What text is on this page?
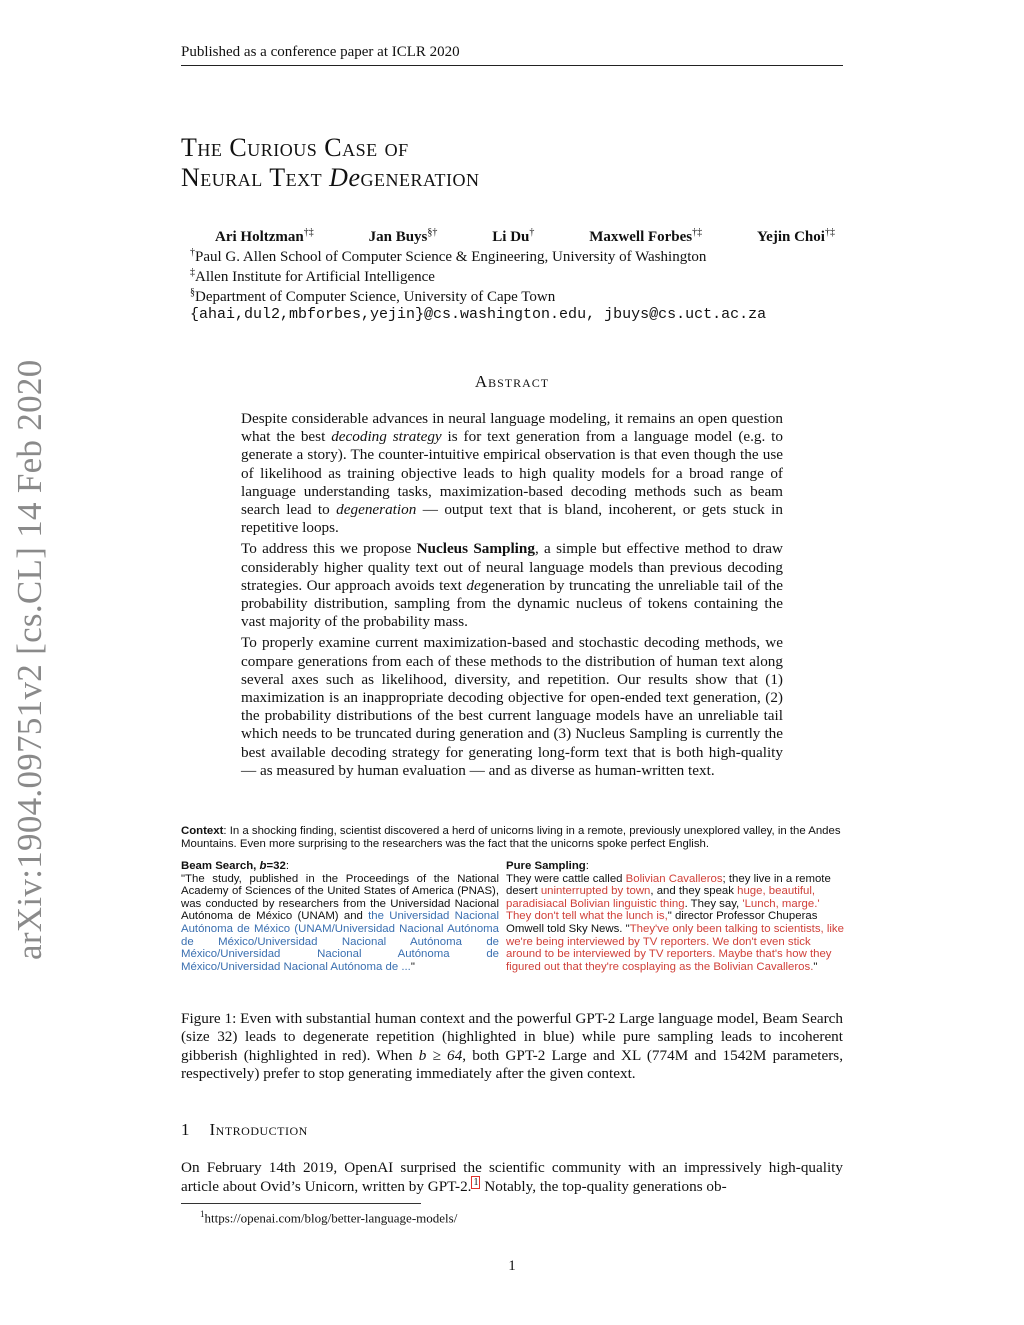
Published as a conference paper at ICLR 2020
arXiv:1904.09751v2 [cs.CL] 14 Feb 2020
The Curious Case of
Neural Text Degeneration
Ari Holtzman†‡	Jan Buys§†	Li Du†	Maxwell Forbes†‡	Yejin Choi†‡
†Paul G. Allen School of Computer Science & Engineering, University of Washington
‡Allen Institute for Artificial Intelligence
§Department of Computer Science, University of Cape Town
{ahai,dul2,mbforbes,yejin}@cs.washington.edu, jbuys@cs.uct.ac.za
Abstract

Despite considerable advances in neural language modeling, it remains an open question what the best decoding strategy is for text generation from a language model (e.g. to generate a story). The counter-intuitive empirical observation is that even though the use of likelihood as training objective leads to high quality models for a broad range of language understanding tasks, maximization-based decoding methods such as beam search lead to degeneration — output text that is bland, incoherent, or gets stuck in repetitive loops.

To address this we propose Nucleus Sampling, a simple but effective method to draw considerably higher quality text out of neural language models than previous decoding strategies. Our approach avoids text degeneration by truncating the unreliable tail of the probability distribution, sampling from the dynamic nucleus of tokens containing the vast majority of the probability mass.

To properly examine current maximization-based and stochastic decoding methods, we compare generations from each of these methods to the distribution of human text along several axes such as likelihood, diversity, and repetition. Our results show that (1) maximization is an inappropriate decoding objective for open-ended text generation, (2) the probability distributions of the best current language models have an unreliable tail which needs to be truncated during generation and (3) Nucleus Sampling is currently the best available decoding strategy for generating long-form text that is both high-quality — as measured by human evaluation — and as diverse as human-written text.

Context: In a shocking finding, scientist discovered a herd of unicorns living in a remote, previously unexplored valley, in the Andes Mountains. Even more surprising to the researchers was the fact that the unicorns spoke perfect English.
Beam Search, b=32:
"The study, published in the Proceedings of the National Academy of Sciences of the United States of America (PNAS), was conducted by researchers from the Universidad Nacional Autónoma de México (UNAM) and the Universidad Nacional Autónoma de México (UNAM/Universidad Nacional Autónoma de México/Universidad Nacional Autónoma de México/Universidad Nacional Autónoma de México/Universidad Nacional Autónoma de ..."
Pure Sampling:
They were cattle called Bolivian Cavalleros; they live in a remote desert uninterrupted by town, and they speak huge, beautiful, paradisiacal Bolivian linguistic thing. They say, 'Lunch, marge.' They don't tell what the lunch is," director Professor Chuperas Omwell told Sky News. "They've only been talking to scientists, like we're being interviewed by TV reporters. We don't even stick around to be interviewed by TV reporters. Maybe that's how they figured out that they're cosplaying as the Bolivian Cavalleros."
Figure 1: Even with substantial human context and the powerful GPT-2 Large language model, Beam Search (size 32) leads to degenerate repetition (highlighted in blue) while pure sampling leads to incoherent gibberish (highlighted in red). When b ≥ 64, both GPT-2 Large and XL (774M and 1542M parameters, respectively) prefer to stop generating immediately after the given context.
1 Introduction
On February 14th 2019, OpenAI surprised the scientific community with an impressively high-quality article about Ovid’s Unicorn, written by GPT-2. $^1$ Notably, the top-quality generations ob-
$^1$https://openai.com/blog/better-language-models/
1
